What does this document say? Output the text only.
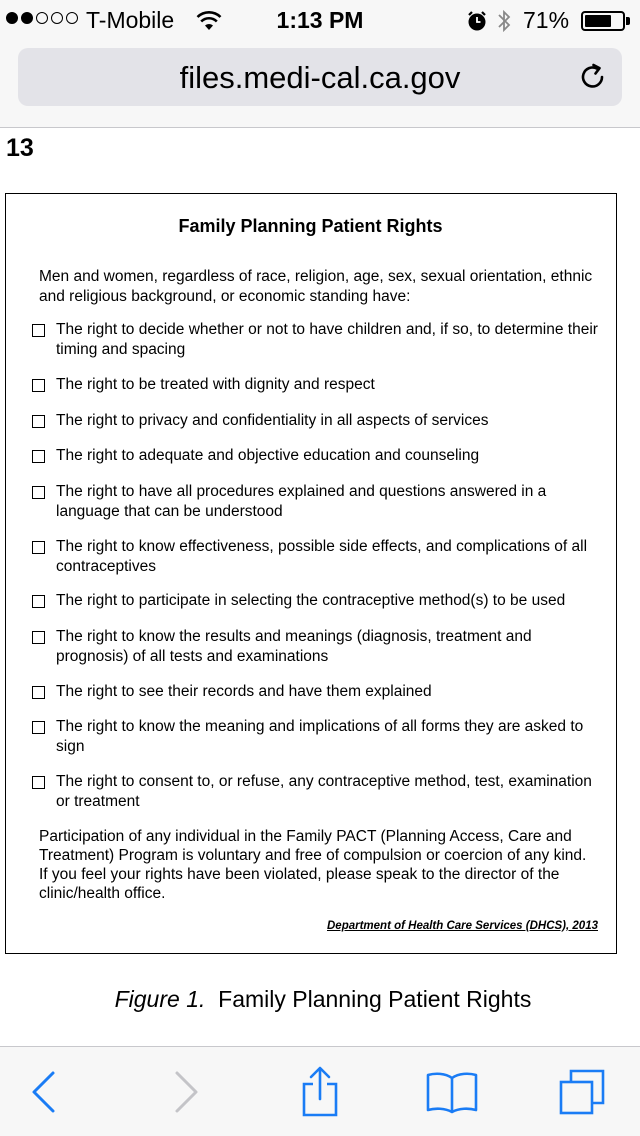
T-Mobile	1:13 PM	71%
files.medi-cal.ca.gov
13
Family Planning Patient Rights
Men and women, regardless of race, religion, age, sex, sexual orientation, ethnic and religious background, or economic standing have:
The right to decide whether or not to have children and, if so, to determine their timing and spacing
The right to be treated with dignity and respect
The right to privacy and confidentiality in all aspects of services
The right to adequate and objective education and counseling
The right to have all procedures explained and questions answered in a language that can be understood
The right to know effectiveness, possible side effects, and complications of all contraceptives
The right to participate in selecting the contraceptive method(s) to be used
The right to know the results and meanings (diagnosis, treatment and prognosis) of all tests and examinations
The right to see their records and have them explained
The right to know the meaning and implications of all forms they are asked to sign
The right to consent to, or refuse, any contraceptive method, test, examination or treatment
Participation of any individual in the Family PACT (Planning Access, Care and Treatment) Program is voluntary and free of compulsion or coercion of any kind. If you feel your rights have been violated, please speak to the director of the clinic/health office.
Department of Health Care Services (DHCS), 2013
Figure 1. Family Planning Patient Rights
